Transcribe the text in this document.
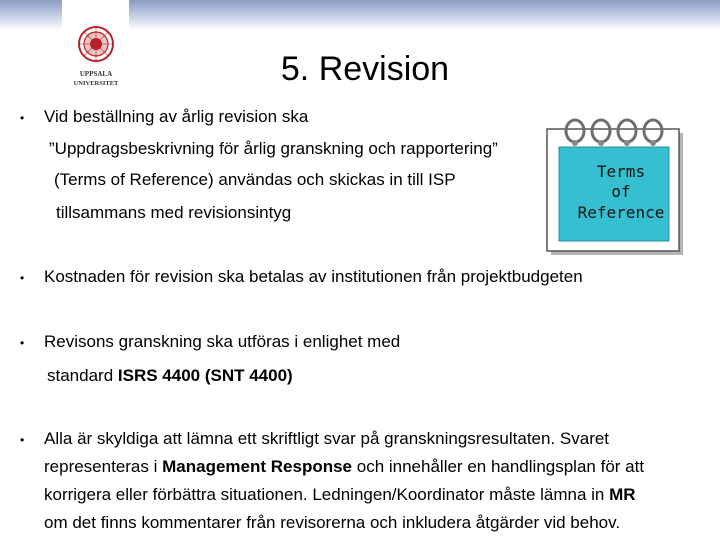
UPPSALA
UNIVERSITET	5. Revision
• Vid beställning av årlig revision ska
”Uppdragsbeskrivning för årlig granskning och rapportering”
(Terms of Reference) användas och skickas in till ISP
tillsammans med revisionsintyg
Terms
of
Reference
• Kostnaden för revision ska betalas av institutionen från projektbudgeten
• Revisons granskning ska utföras i enlighet med
standard ISRS 4400 (SNT 4400)
• Alla är skyldiga att lämna ett skriftligt svar på granskningsresultaten. Svaret
representeras i Management Response och innehåller en handlingsplan för att
korrigera eller förbättra situationen. Ledningen/Koordinator måste lämna in MR
om det finns kommentarer från revisorerna och inkludera åtgärder vid behov.
